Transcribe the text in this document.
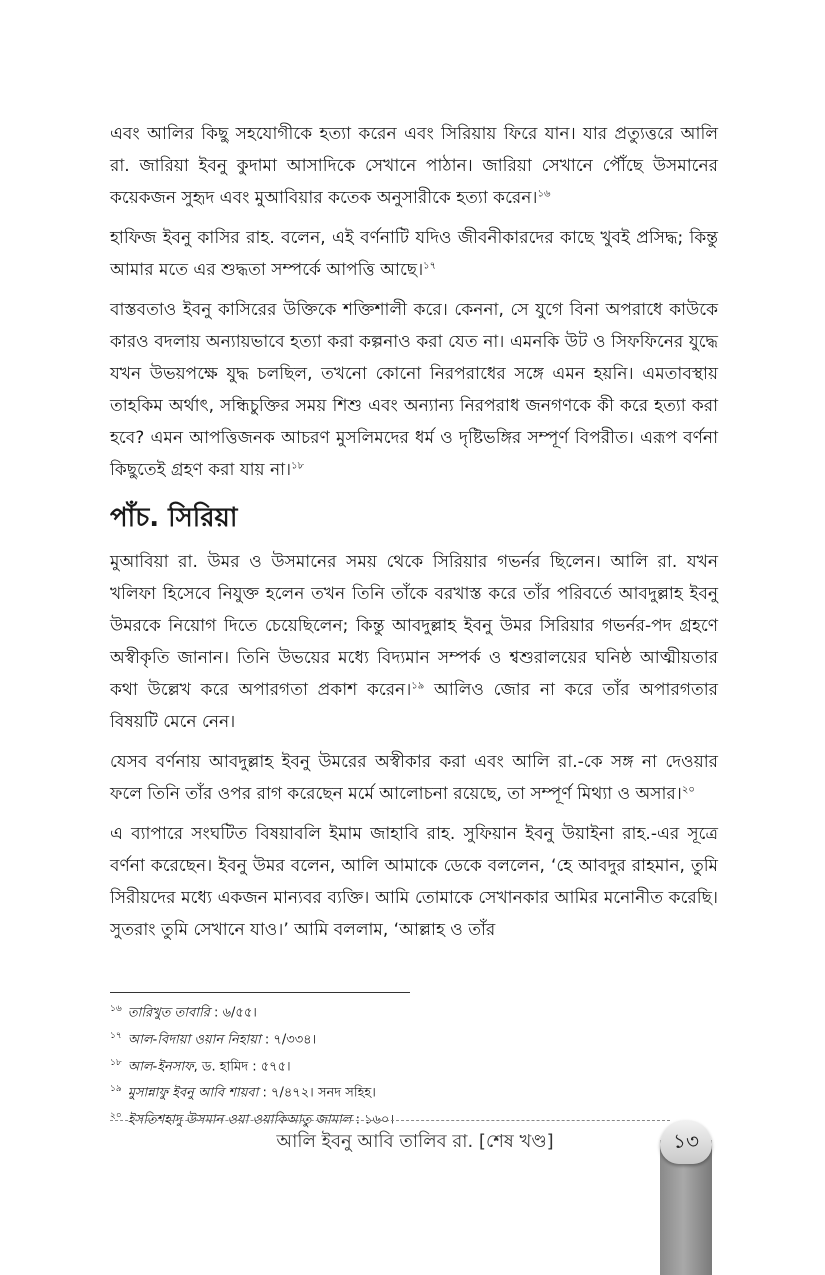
এবং আলির কিছু সহযোগীকে হত্যা করেন এবং সিরিয়ায় ফিরে যান। যার প্রত্যুত্তরে আলি রা. জারিয়া ইবনু কুদামা আসাদিকে সেখানে পাঠান। জারিয়া সেখানে পৌঁছে উসমানের কয়েকজন সুহৃদ এবং মুআবিয়ার কতেক অনুসারীকে হত্যা করেন।$^{১৬}$

হাফিজ ইবনু কাসির রাহ. বলেন, এই বর্ণনাটি যদিও জীবনীকারদের কাছে খুবই প্রসিদ্ধ; কিন্তু আমার মতে এর শুদ্ধতা সম্পর্কে আপত্তি আছে।$^{১৭}$

বাস্তবতাও ইবনু কাসিরের উক্তিকে শক্তিশালী করে। কেননা, সে যুগে বিনা অপরাধে কাউকে কারও বদলায় অন্যায়ভাবে হত্যা করা কল্পনাও করা যেত না। এমনকি উট ও সিফফিনের যুদ্ধে যখন উভয়পক্ষে যুদ্ধ চলছিল, তখনো কোনো নিরপরাধের সঙ্গে এমন হয়নি। এমতাবস্থায় তাহকিম অর্থাৎ, সন্ধিচুক্তির সময় শিশু এবং অন্যান্য নিরপরাধ জনগণকে কী করে হত্যা করা হবে? এমন আপত্তিজনক আচরণ মুসলিমদের ধর্ম ও দৃষ্টিভঙ্গির সম্পূর্ণ বিপরীত। এরূপ বর্ণনা কিছুতেই গ্রহণ করা যায় না।$^{১৮}$

পাঁচ. সিরিয়া

মুআবিয়া রা. উমর ও উসমানের সময় থেকে সিরিয়ার গভর্নর ছিলেন। আলি রা. যখন খলিফা হিসেবে নিযুক্ত হলেন তখন তিনি তাঁকে বরখাস্ত করে তাঁর পরিবর্তে আবদুল্লাহ ইবনু উমরকে নিয়োগ দিতে চেয়েছিলেন; কিন্তু আবদুল্লাহ ইবনু উমর সিরিয়ার গভর্নর-পদ গ্রহণে অস্বীকৃতি জানান। তিনি উভয়ের মধ্যে বিদ্যমান সম্পর্ক ও শ্বশুরালয়ের ঘনিষ্ঠ আত্মীয়তার কথা উল্লেখ করে অপারগতা প্রকাশ করেন।$^{১৯}$ আলিও জোর না করে তাঁর অপারগতার বিষয়টি মেনে নেন।

যেসব বর্ণনায় আবদুল্লাহ ইবনু উমরের অস্বীকার করা এবং আলি রা.-কে সঙ্গ না দেওয়ার ফলে তিনি তাঁর ওপর রাগ করেছেন মর্মে আলোচনা রয়েছে, তা সম্পূর্ণ মিথ্যা ও অসার।$^{২০}$

এ ব্যাপারে সংঘটিত বিষয়াবলি ইমাম জাহাবি রাহ. সুফিয়ান ইবনু উয়াইনা রাহ.-এর সূত্রে বর্ণনা করেছেন। ইবনু উমর বলেন, আলি আমাকে ডেকে বললেন, ‘হে আবদুর রাহমান, তুমি সিরীয়দের মধ্যে একজন মান্যবর ব্যক্তি। আমি তোমাকে সেখানকার আমির মনোনীত করেছি। সুতরাং তুমি সেখানে যাও।’ আমি বললাম, ‘আল্লাহ ও তাঁর

$^{১৬}$ তারিখুত তাবারি : ৬/৫৫।
$^{১৭}$ আল-বিদায়া ওয়ান নিহায়া : ৭/৩৩৪।
$^{১৮}$ আল-ইনসাফ, ড. হামিদ : ৫৭৫।
$^{১৯}$ মুসান্নাফু ইবনু আবি শায়বা : ৭/৪৭২। সনদ সহিহ।
$^{২০}$ ইসতিশহাদু উসমান ওয়া ওয়াকিআতু জামাল : ১৬০।
আলি ইবনু আবি তালিব রা. [শেষ খণ্ড]	১৩
